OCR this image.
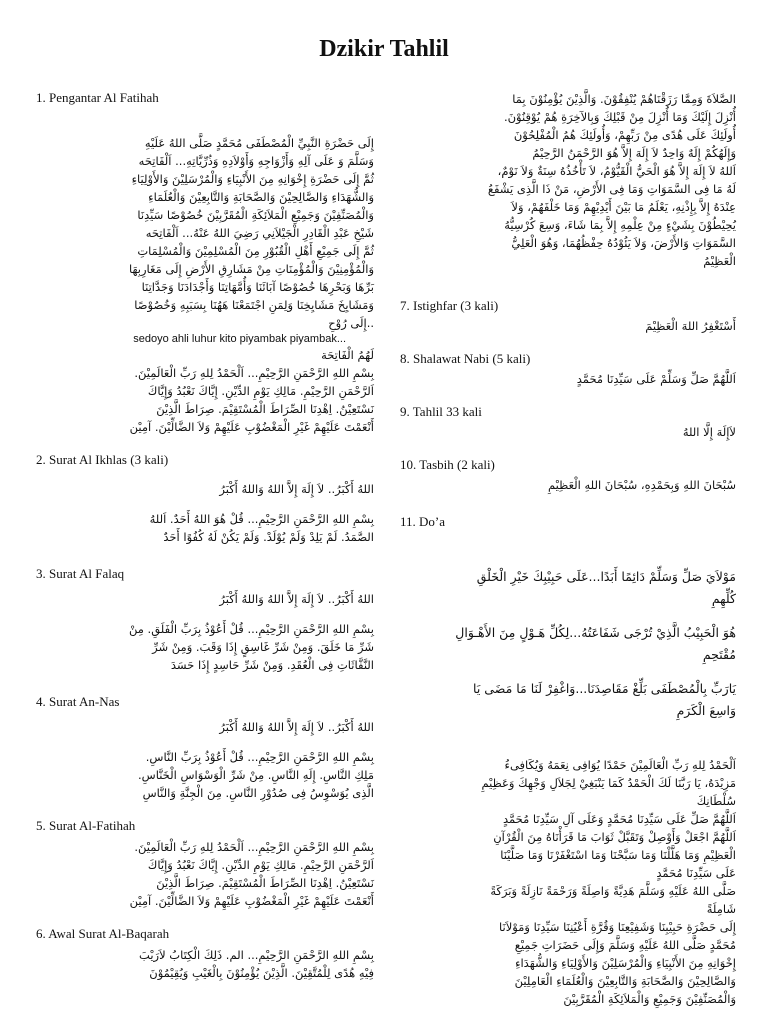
Dzikir Tahlil
1. Pengantar Al Fatihah

إِلَى حَضْرَةِ النَّبِيِّ الْمُصْطَفَى مُحَمَّدٍ صَلَّى اللهُ عَلَيْهِ

وَسَلَّمَ وَ عَلَى آلِهِ وَأَزْوَاجِهِ وَأَوْلاَدِهِ وَذُرِّيَّاتِهِ... اَلْفَاتِحَه

ثُمَّ إِلَى حَضْرَةِ إِخْوَانِهِ مِنَ الأَنْبِيَاءِ وَالْمُرْسَلِيْنَ وَالأَوْلِيَاءِ

وَالشُّهَدَاءِ وَالصَّالِحِيْنَ وَالصَّحَابَةِ وَالتَّابِعِيْنَ وَالْعُلَمَاءِ

وَالْمُصَنِّفِيْنَ وَجَمِيْعِ الْمَلاَئِكَةِ الْمُقَرَّبِيْنَ خُصُوْصًا سَيِّدِنَا

شَيْخِ عَبْدِ الْقَادِرِ الْجَيْلاَنِي رَضِيَ اللهُ عَنْهُ... اَلْفَاتِحَه

ثُمَّ إِلَى جَمِيْعِ أَهْلِ الْقُبُوْرِ مِنَ الْمُسْلِمِيْنَ وَالْمُسْلِمَاتِ

وَالْمُؤْمِنِيْنَ وَالْمُؤْمِنَاتِ مِنْ مَشَارِقِ الأَرْضِ إِلَى مَغَارِبِهَا

بَرِّهَا وَبَحْرِهَا خُصُوْصًا آبَائَنَا وَأُمَّهَاتِنَا وَأَجْدَادَنَا وَجَدَّاتِنَا

وَمَشَايِخَ مَشَايِخِنَا وَلِمَنِ اجْتَمَعْنَا هَهُنَا بِسَبَبِهِ وَخُصُوْصًا

..إِلَى رُوْحِ

sedoyo ahli luhur kito piyambak piyambak...

لَهُمُ الْفَاتِحَة

بِسْمِ اللهِ الرَّحْمَنِ الرَّحِيْمِ... اَلْحَمْدُ لِلهِ رَبِّ الْعَالَمِيْنَ.

اَلرَّحْمَنِ الرَّحِيْمِ. مَالِكِ يَوْمِ الدِّيْنِ. إِيَّاكَ نَعْبُدُ وَإِيَّاكَ

نَسْتَعِيْنُ. اِهْدِنَا الصِّرَاطَ الْمُسْتَقِيْمَ. صِرَاطَ الَّذِيْنَ

أَنْعَمْتَ عَلَيْهِمْ غَيْرِ الْمَغْضُوْبِ عَلَيْهِمْ وَلاَ الضَّالِّيْنَ. آمِيْن

2. Surat Al Ikhlas (3 kali)

اللهُ أَكْبَرُ.. لاَ إِلَهَ إِلاَّ اللهُ وَاللهُ أَكْبَرُ

بِسْمِ اللهِ الرَّحْمَنِ الرَّحِيْمِ... قُلْ هُوَ اللهُ أَحَدٌ. اَللهُ

الصَّمَدُ. لَمْ يَلِدْ وَلَمْ يُوْلَدْ. وَلَمْ يَكُنْ لَهُ كُفُوًا أَحَدٌ

3. Surat Al Falaq

اللهُ أَكْبَرُ.. لاَ إِلَهَ إِلاَّ اللهُ وَاللهُ أَكْبَرُ

بِسْمِ اللهِ الرَّحْمَنِ الرَّحِيْمِ... قُلْ أَعُوْذُ بِرَبِّ الْفَلَقِ. مِنْ

شَرِّ مَا خَلَقَ. وَمِنْ شَرِّ غَاسِقٍ إِذَا وَقَبَ. وَمِنْ شَرِّ

النَّفَّاثَاتِ فِى الْعُقَدِ. وَمِنْ شَرِّ حَاسِدٍ إِذَا حَسَدَ

4. Surat An-Nas

اللهُ أَكْبَرُ.. لاَ إِلَهَ إِلاَّ اللهُ وَاللهُ أَكْبَرُ

بِسْمِ اللهِ الرَّحْمَنِ الرَّحِيْمِ... قُلْ أَعُوْذُ بِرَبِّ النَّاسِ.

مَلِكِ النَّاسِ. إِلَهِ النَّاسِ. مِنْ شَرِّ الْوَسْوَاسِ الْخَنَّاسِ.

الَّذِى يُوَسْوِسُ فِى صُدُوْرِ النَّاسِ. مِنَ الْجِنَّةِ وَالنَّاسِ

5. Surat Al-Fatihah

بِسْمِ اللهِ الرَّحْمَنِ الرَّحِيْمِ... اَلْحَمْدُ لِلهِ رَبِّ الْعَالَمِيْنَ.

اَلرَّحْمَنِ الرَّحِيْمِ. مَالِكِ يَوْمِ الدِّيْنِ. إِيَّاكَ نَعْبُدُ وَإِيَّاكَ

نَسْتَعِيْنُ. اِهْدِنَا الصِّرَاطَ الْمُسْتَقِيْمَ. صِرَاطَ الَّذِيْنَ

أَنْعَمْتَ عَلَيْهِمْ غَيْرِ الْمَغْضُوْبِ عَلَيْهِمْ وَلاَ الضَّالِّيْنَ. آمِيْن

6. Awal Surat Al-Baqarah

بِسْمِ اللهِ الرَّحْمَنِ الرَّحِيْمِ... الم. ذَلِكَ الْكِتَابُ لاَرَيْبَ

فِيْهِ هُدًى لِلْمُتَّقِيْنَ. الَّذِيْنَ يُؤْمِنُوْنَ بِالْغَيْبِ وَيُقِيْمُوْنَ

الصَّلاَةَ وَمِمَّا رَزَقْنَاهُمْ يُنْفِقُوْنَ. وَالَّذِيْنَ يُؤْمِنُوْنَ بِمَا

أُنْزِلَ إِلَيْكَ وَمَا أُنْزِلَ مِنْ قَبْلِكَ وَبِالآخِرَةِ هُمْ يُوْقِنُوْنَ.

أُولَئِكَ عَلَى هُدًى مِنْ رَبِّهِمْ، وَأُولَئِكَ هُمُ الْمُفْلِحُوْنَ

وَإِلَهُكُمْ إِلَهٌ وَاحِدٌ لاَ إِلَهَ إِلاَّ هُوَ الرَّحْمَنُ الرَّحِيْمُ

اَللهُ لاَ إِلَهَ إِلاَّ هُوَ الْحَيُّ الْقَيُّوْمُ، لاَ تَأْخُذُهُ سِنَةٌ وَلاَ نَوْمٌ،

لَهُ مَا فِى السَّمَوَاتِ وَمَا فِى الأَرْضِ، مَنْ ذَا الَّذِى يَشْفَعُ

عِنْدَهُ إِلاَّ بِإِذْنِهِ، يَعْلَمُ مَا بَيْنَ أَيْدِيْهِمْ وَمَا خَلْفَهُمْ، وَلاَ

يُحِيْطُوْنَ بِشَيْءٍ مِنْ عِلْمِهِ إِلاَّ بِمَا شَاءَ، وَسِعَ كُرْسِيُّهُ

السَّمَوَاتِ وَالأَرْضَ، وَلاَ يَئُوْدُهُ حِفْظُهُمَا، وَهُوَ الْعَلِيُّ

الْعَظِيْمُ

7. Istighfar (3 kali)
أَسْتَغْفِرُ اللهَ الْعَظِيْمَ
8. Shalawat Nabi (5 kali)
اَللَّهُمَّ صَلِّ وَسَلِّمْ عَلَى سَيِّدِنَا مُحَمَّدٍ
9. Tahlil 33 kali
لاَإِلَهَ إِلَّا اللهُ
10. Tasbih (2 kali)
سُبْحَانَ اللهِ وَبِحَمْدِهِ، سُبْحَانَ اللهِ الْعَظِيْمِ
11. Do’a

مَوْلاَيَ صَلِّ وَسَلِّمْ دَائِمًا أَبَدًا...عَلَى حَبِيْبِكَ خَيْرِ الْخَلْقِ

كُلِّهِمِ

هُوَ الْحَبِيْبُ الَّذِيْ تُرْجَى شَفَاعَتُهُ...لِكُلِّ هَـوْلٍ مِنَ الأَهْـوَالِ

مُقْتَحِمِ

يَارَبِّ بِالْمُصْطَفَى بَلِّغْ مَقَاصِدَنَا...وَاغْفِرْ لَنَا مَا مَضَى يَا

وَاسِعَ الْكَرَمِ

اَلْحَمْدُ لِلهِ رَبِّ الْعَالَمِيْنَ حَمْدًا يُوَافِى نِعَمَهُ وَيُكَافِىءُ

مَزِيْدَهُ، يَا رَبَّنَا لَكَ الْحَمْدُ كَمَا يَنْبَغِيْ لِجَلاَلِ وَجْهِكَ وَعَظِيْمِ

سُلْطَانِكَ

اَللَّهُمَّ صَلِّ عَلَى سَيِّدِنَا مُحَمَّدٍ وَعَلَى آلِ سَيِّدِنَا مُحَمَّدٍ

اَللَّهُمَّ اجْعَلْ وَأَوْصِلْ وَتَقَبَّلْ ثَوَابَ مَا قَرَأْنَاهُ مِنَ الْقُرْآنِ

الْعَظِيْمِ وَمَا هَلَّلْنَا وَمَا سَبَّحْنَا وَمَا اسْتَغْفَرْنَا وَمَا صَلَّيْنَا

عَلَى سَيِّدِنَا مُحَمَّدٍ

صَلَّى اللهُ عَلَيْهِ وَسَلَّمَ هَدِيَّةً وَاصِلَةً وَرَحْمَةً نَازِلَةً وَبَرَكَةً

شَامِلَةً

إِلَى حَضْرَةِ حَبِيْبِنَا وَشَفِيْعِنَا وَقُرَّةِ أَعْيُنِنَا سَيِّدِنَا وَمَوْلاَنَا

مُحَمَّدٍ صَلَّى اللهُ عَلَيْهِ وَسَلَّمَ وَإِلَى حَضَرَاتِ جَمِيْعِ

إِخْوَانِهِ مِنَ الأَنْبِيَاءِ وَالْمُرْسَلِيْنَ وَالأَوْلِيَاءِ وَالشُّهَدَاءِ

وَالصَّالِحِيْنَ وَالصَّحَابَةِ وَالتَّابِعِيْنَ وَالْعُلَمَاءِ الْعَامِلِيْنَ

وَالْمُصَنِّفِيْنَ وَجَمِيْعِ وَالْمَلاَئِكَةِ الْمُقَرَّبِيْنَ
